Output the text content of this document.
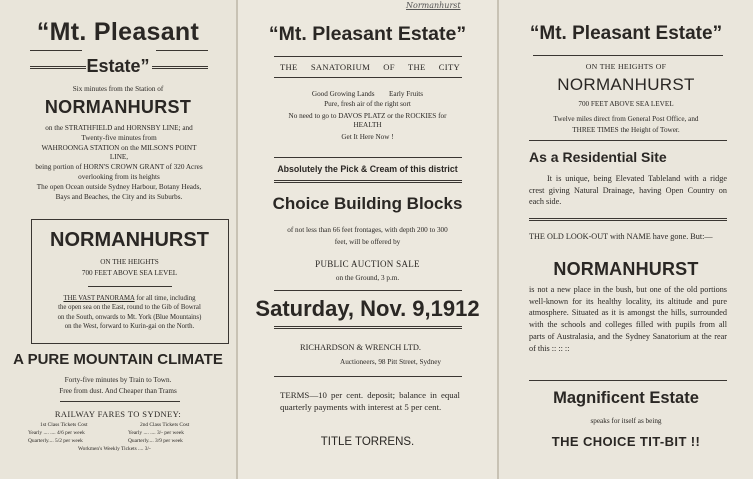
“Mt. Pleasant
Estate”
Six minutes from the Station of
NORMANHURST
on the STRATHFIELD and HORNSBY LINE; and
Twenty-five minutes from
WAHROONGA STATION on the MILSON'S POINT
LINE,
being portion of HORN'S CROWN GRANT of 320 Acres
overlooking from its heights
The open Ocean outside Sydney Harbour, Botany Heads,
Bays and Beaches, the City and its Suburbs.
NORMANHURST
ON THE HEIGHTS
700 FEET ABOVE SEA LEVEL
THE VAST PANORAMA for all time, including
the open sea on the East, round to the Gib of Bowral
on the South, onwards to Mt. York (Blue Mountains)
on the West, forward to Kurin-gai on the North.
A PURE MOUNTAIN CLIMATE
Forty-five minutes by Train to Town.
Free from dust. And Cheaper than Trams
RAILWAY FARES TO SYDNEY:
1st Class Tickets Cost	2nd Class Tickets Cost
Yearly .... .... 4/6 per week	Yearly .... .... 3/- per week
Quarterly.... 5/2 per week	Quarterly.... 3/9 per week
Workmen's Weekly Tickets .... 3/-
Normanhurst
“Mt. Pleasant Estate”
THE SANATORIUM OF THE CITY
Good Growing Lands        Early Fruits
Pure, fresh air of the right sort
No need to go to DAVOS PLATZ or the ROCKIES for
HEALTH
Get It Here Now !
Absolutely the Pick & Cream of this district
Choice Building Blocks
of not less than 66 feet frontages, with depth 200 to 300
feet, will be offered by
PUBLIC AUCTION SALE
on the Ground, 3 p.m.
Saturday, Nov. 9,1912
RICHARDSON & WRENCH LTD.
Auctioneers, 98 Pitt Street, Sydney
TERMS—10 per cent. deposit; balance in equal quarterly payments with interest at 5 per cent.
TITLE TORRENS.
“Mt. Pleasant Estate”
ON THE HEIGHTS OF
NORMANHURST
700 FEET ABOVE SEA LEVEL
Twelve miles direct from General Post Office, and
THREE TIMES the Height of Tower.
As a Residential Site
It is unique, being Elevated Tableland with a ridge crest giving Natural Drainage, having Open Country on each side.
THE OLD LOOK-OUT with NAME have gone. But:—
NORMANHURST
is not a new place in the bush, but one of the old portions well-known for its healthy locality, its altitude and pure atmosphere. Situated as it is amongst the hills, surrounded with the schools and colleges filled with pupils from all parts of Australasia, and the Sydney Sanatorium at the rear of this :: :: ::
Magnificent Estate
speaks for itself as being
THE CHOICE TIT-BIT !!
